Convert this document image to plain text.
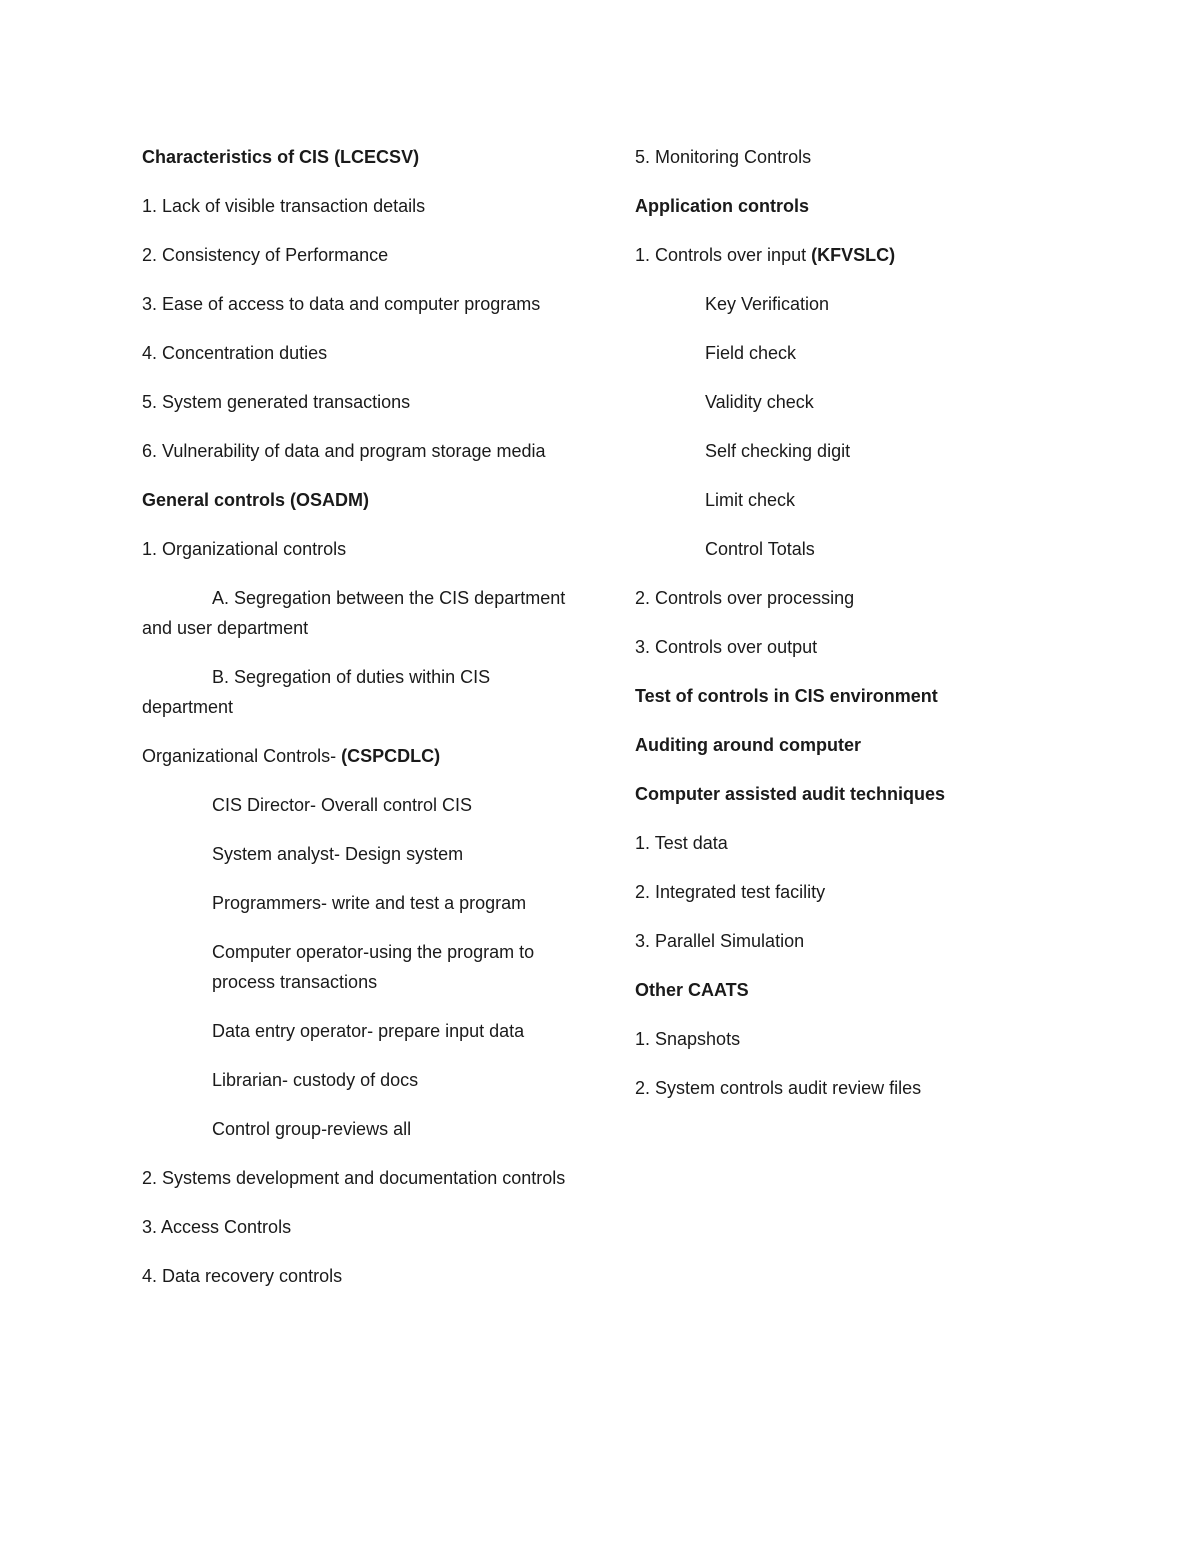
Characteristics of CIS (LCECSV)

1. Lack of visible transaction details

2. Consistency of Performance

3. Ease of access to data and computer programs

4. Concentration duties

5. System generated transactions

6. Vulnerability of data and program storage media

General controls (OSADM)

1. Organizational controls

A. Segregation between the CIS department and user department

B. Segregation of duties within CIS department

Organizational Controls- (CSPCDLC)

CIS Director- Overall control CIS

System analyst- Design system

Programmers- write and test a program

Computer operator-using the program to process transactions

Data entry operator- prepare input data

Librarian- custody of docs

Control group-reviews all

2. Systems development and documentation controls

3. Access Controls

4. Data recovery controls

5. Monitoring Controls

Application controls

1. Controls over input (KFVSLC)

Key Verification

Field check

Validity check

Self checking digit

Limit check

Control Totals

2. Controls over processing

3. Controls over output

Test of controls in CIS environment

Auditing around computer

Computer assisted audit techniques

1. Test data

2. Integrated test facility

3. Parallel Simulation

Other CAATS

1. Snapshots

2. System controls audit review files
